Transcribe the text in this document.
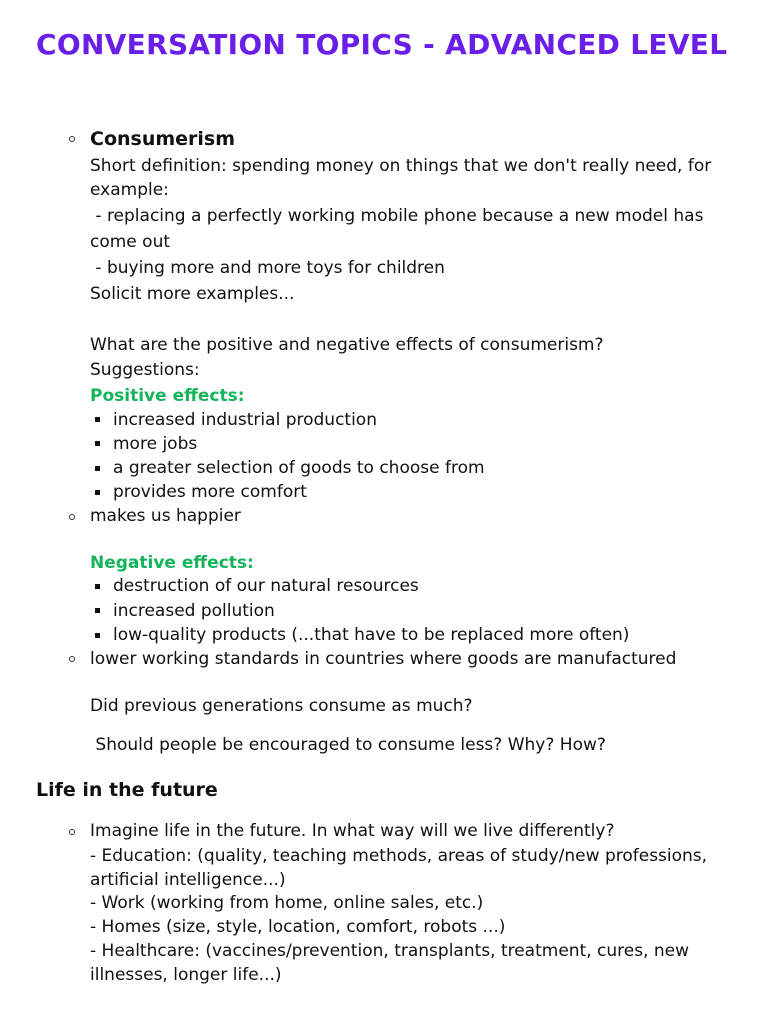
CONVERSATION TOPICS - ADVANCED LEVEL

Consumerism

Short definition: spending money on things that we don't really need, for

example:

- replacing a perfectly working mobile phone because a new model has

come out

- buying more and more toys for children

Solicit more examples...

What are the positive and negative effects of consumerism?

Suggestions:

Positive effects:

increased industrial production

more jobs

a greater selection of goods to choose from

provides more comfort

makes us happier

Negative effects:

destruction of our natural resources

increased pollution

low-quality products (...that have to be replaced more often)

lower working standards in countries where goods are manufactured

Did previous generations consume as much?

Should people be encouraged to consume less? Why? How?

Life in the future

Imagine life in the future. In what way will we live differently?

- Education: (quality, teaching methods, areas of study/new professions,

artificial intelligence...)

- Work (working from home, online sales, etc.)

- Homes (size, style, location, comfort, robots ...)

- Healthcare: (vaccines/prevention, transplants, treatment, cures, new

illnesses, longer life...)
